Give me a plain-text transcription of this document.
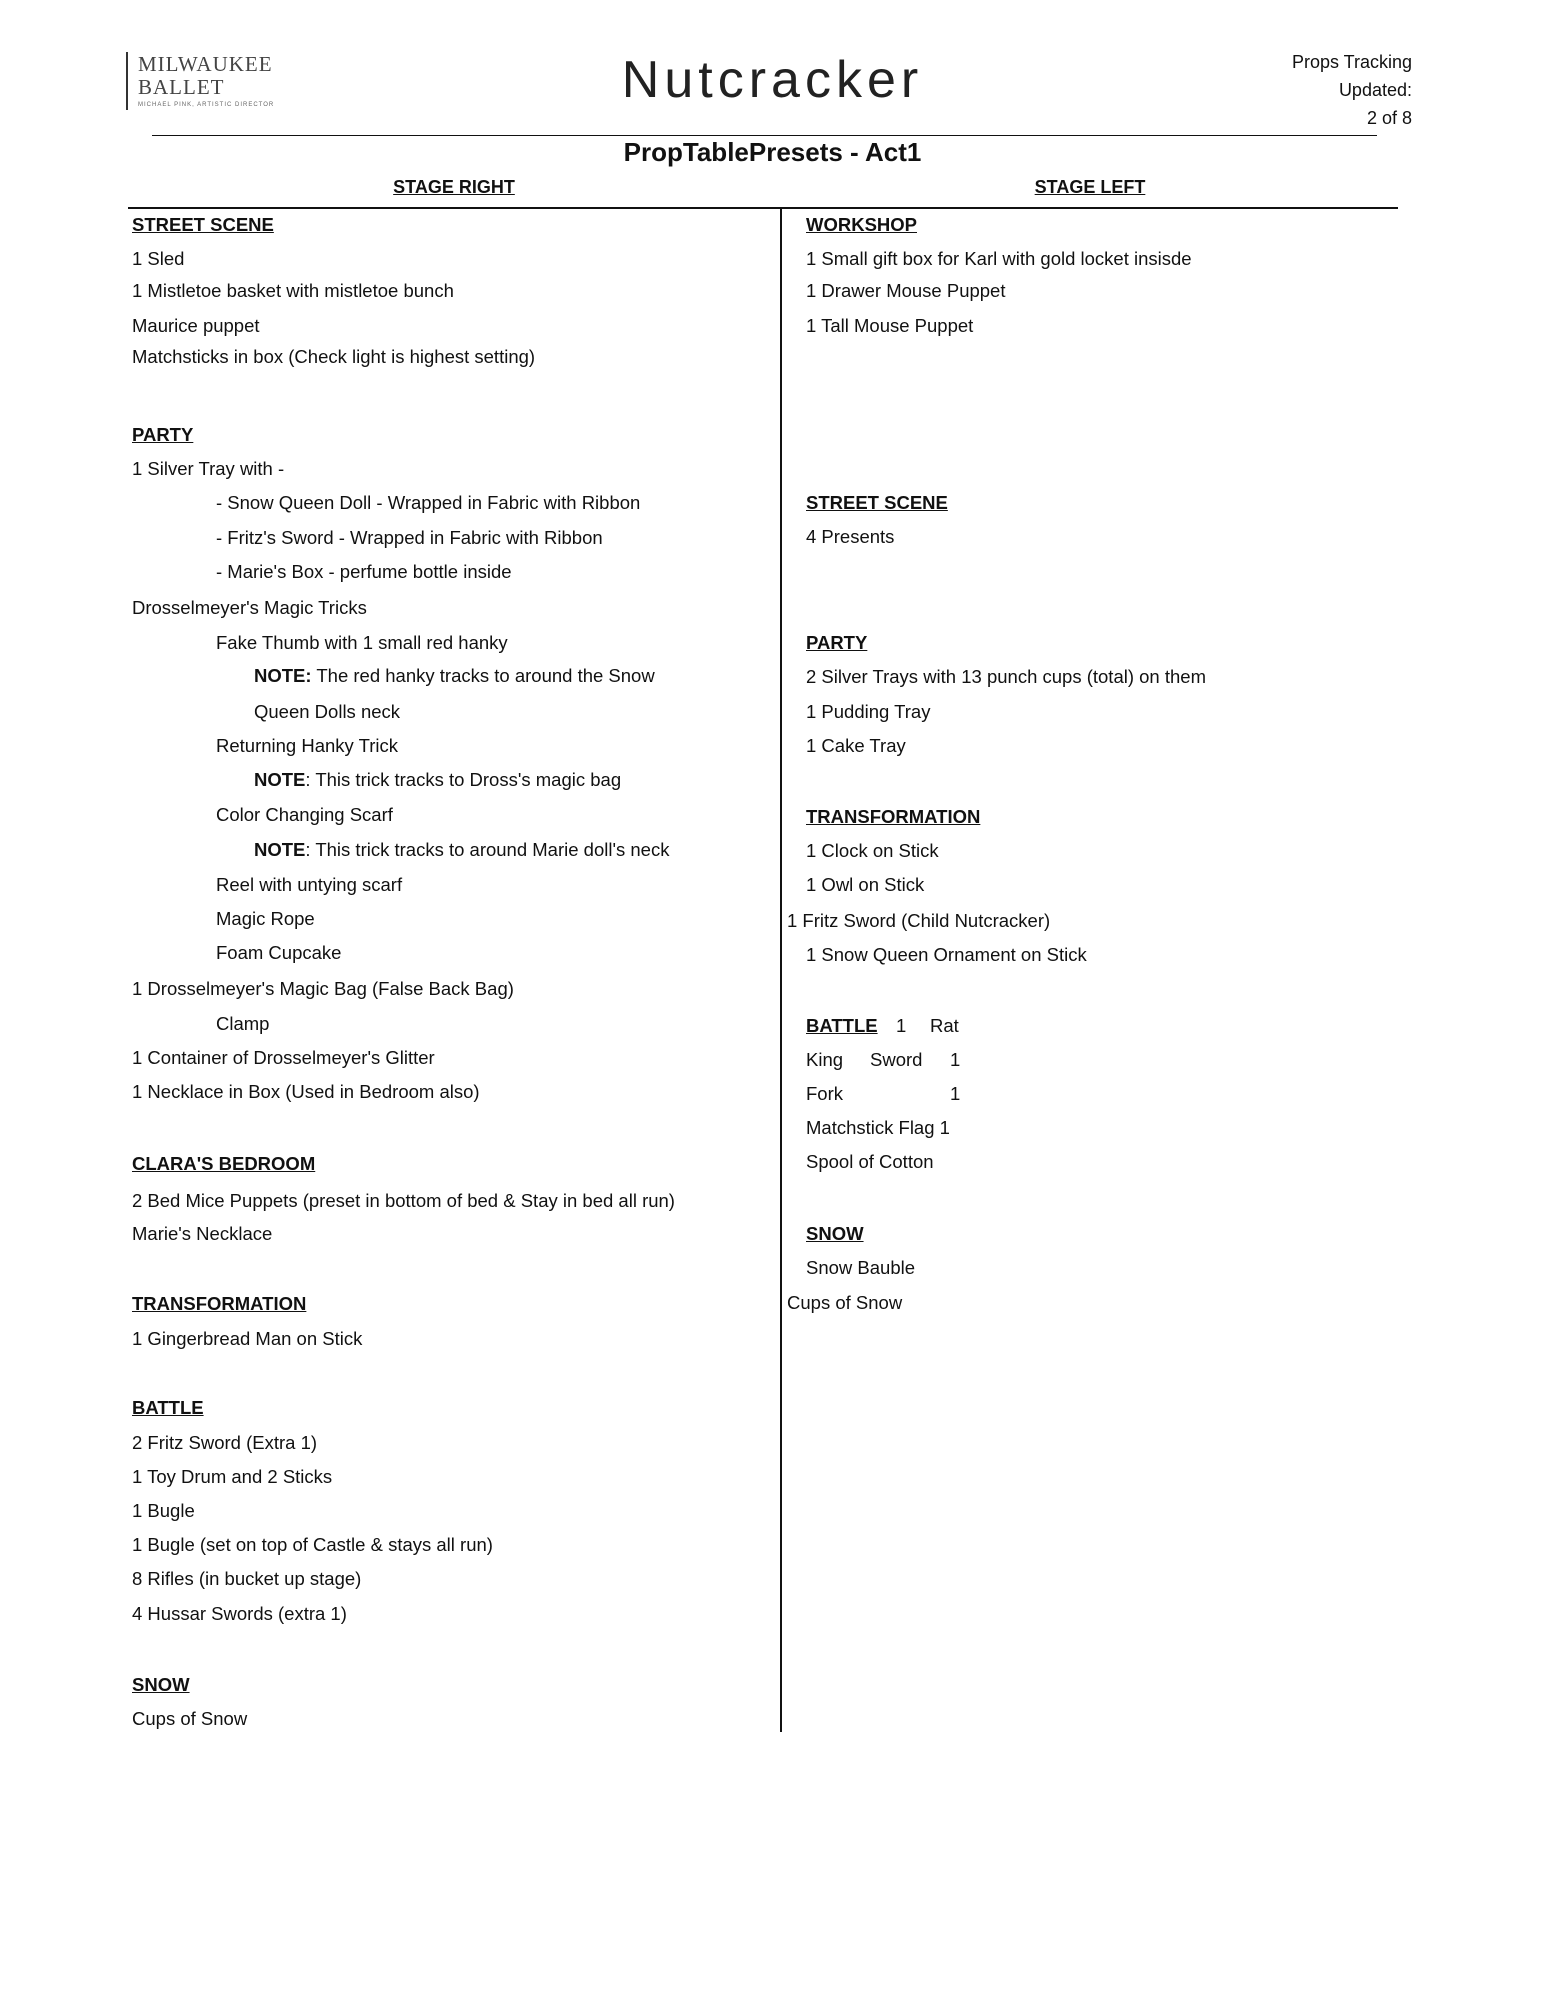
MILWAUKEE
BALLET
MICHAEL PINK, ARTISTIC DIRECTOR	Nutcracker	Props Tracking
Updated:
2 of 8
PropTablePresets - Act1
STAGE RIGHT	STAGE LEFT
STREET SCENE
1 Sled
1 Mistletoe basket with mistletoe bunch
Maurice puppet
Matchsticks in box (Check light is highest setting)
PARTY
1 Silver Tray with -
- Snow Queen Doll - Wrapped in Fabric with Ribbon
- Fritz's Sword - Wrapped in Fabric with Ribbon
- Marie's Box - perfume bottle inside
Drosselmeyer's Magic Tricks
Fake Thumb with 1 small red hanky
NOTE: The red hanky tracks to around the Snow
Queen Dolls neck
Returning Hanky Trick
NOTE: This trick tracks to Dross's magic bag
Color Changing Scarf
NOTE: This trick tracks to around Marie doll's neck
Reel with untying scarf
Magic Rope
Foam Cupcake
1 Drosselmeyer's Magic Bag (False Back Bag)
Clamp
1 Container of Drosselmeyer's Glitter
1 Necklace in Box (Used in Bedroom also)
CLARA'S BEDROOM
2 Bed Mice Puppets (preset in bottom of bed & Stay in bed all run)
Marie's Necklace
TRANSFORMATION
1 Gingerbread Man on Stick
BATTLE
2 Fritz Sword (Extra 1)
1 Toy Drum and 2 Sticks
1 Bugle
1 Bugle (set on top of Castle & stays all run)
8 Rifles (in bucket up stage)
4 Hussar Swords (extra 1)
SNOW
Cups of Snow
WORKSHOP
1 Small gift box for Karl with gold locket insisde
1 Drawer Mouse Puppet
1 Tall Mouse Puppet
STREET SCENE
4 Presents
PARTY
2 Silver Trays with 13 punch cups (total) on them
1 Pudding Tray
1 Cake Tray
TRANSFORMATION
1 Clock on Stick
1 Owl on Stick
1 Fritz Sword (Child Nutcracker)
1 Snow Queen Ornament on Stick
BATTLE 1 Rat
King Sword 1
Fork	1
Matchstick Flag 1
Spool of Cotton
SNOW
Snow Bauble
Cups of Snow
